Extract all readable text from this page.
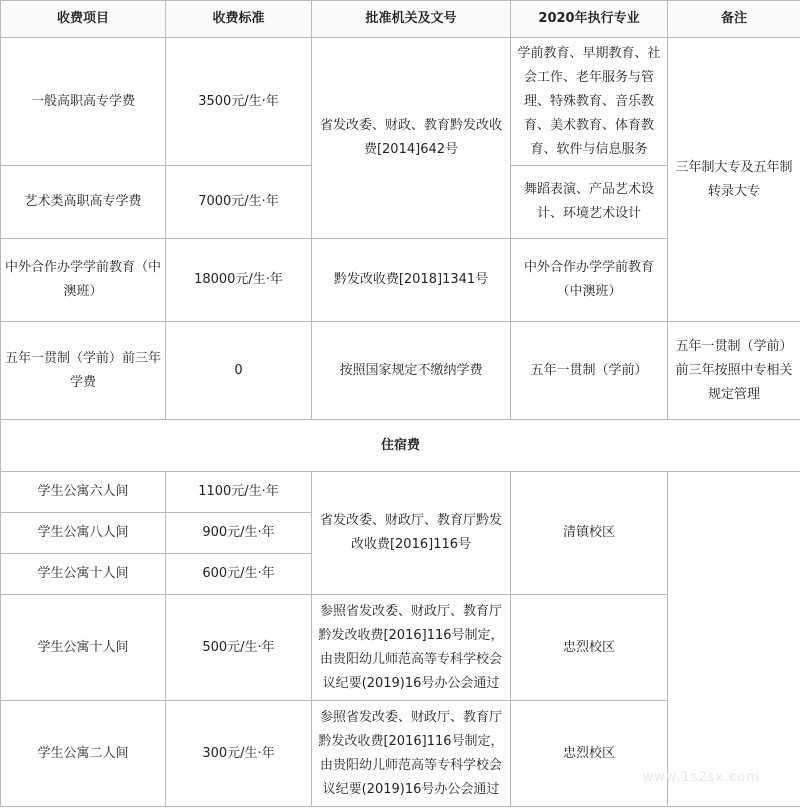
收费项目	收费标准	批准机关及文号	2020年执行专业	备注
一般高职高专学费	3500元/生·年	省发改委、财政、教育黔发改收费[2014]642号	学前教育、早期教育、社会工作、老年服务与管理、特殊教育、音乐教育、美术教育、体育教育、软件与信息服务	三年制大专及五年制转录大专
艺术类高职高专学费	7000元/生·年		舞蹈表演、产品艺术设计、环境艺术设计	
中外合作办学学前教育（中澳班）	18000元/生·年	黔发改收费[2018]1341号	中外合作办学学前教育（中澳班）	
五年一贯制（学前）前三年学费	0	按照国家规定不缴纳学费	五年一贯制（学前）	五年一贯制（学前）前三年按照中专相关规定管理
住宿费				
学生公寓六人间	1100元/生·年	省发改委、财政厅、教育厅黔发改收费[2016]116号	清镇校区	
学生公寓八人间	900元/生·年			
学生公寓十人间	600元/生·年			
学生公寓十人间	500元/生·年	参照省发改委、财政厅、教育厅黔发改收费[2016]116号制定，由贵阳幼儿师范高等专科学校会议纪要(2019)16号办公会通过	忠烈校区	
学生公寓二人间	300元/生·年	参照省发改委、财政厅、教育厅黔发改收费[2016]116号制定，由贵阳幼儿师范高等专科学校会议纪要(2019)16号办公会通过	忠烈校区	
www.1s2sx.com
